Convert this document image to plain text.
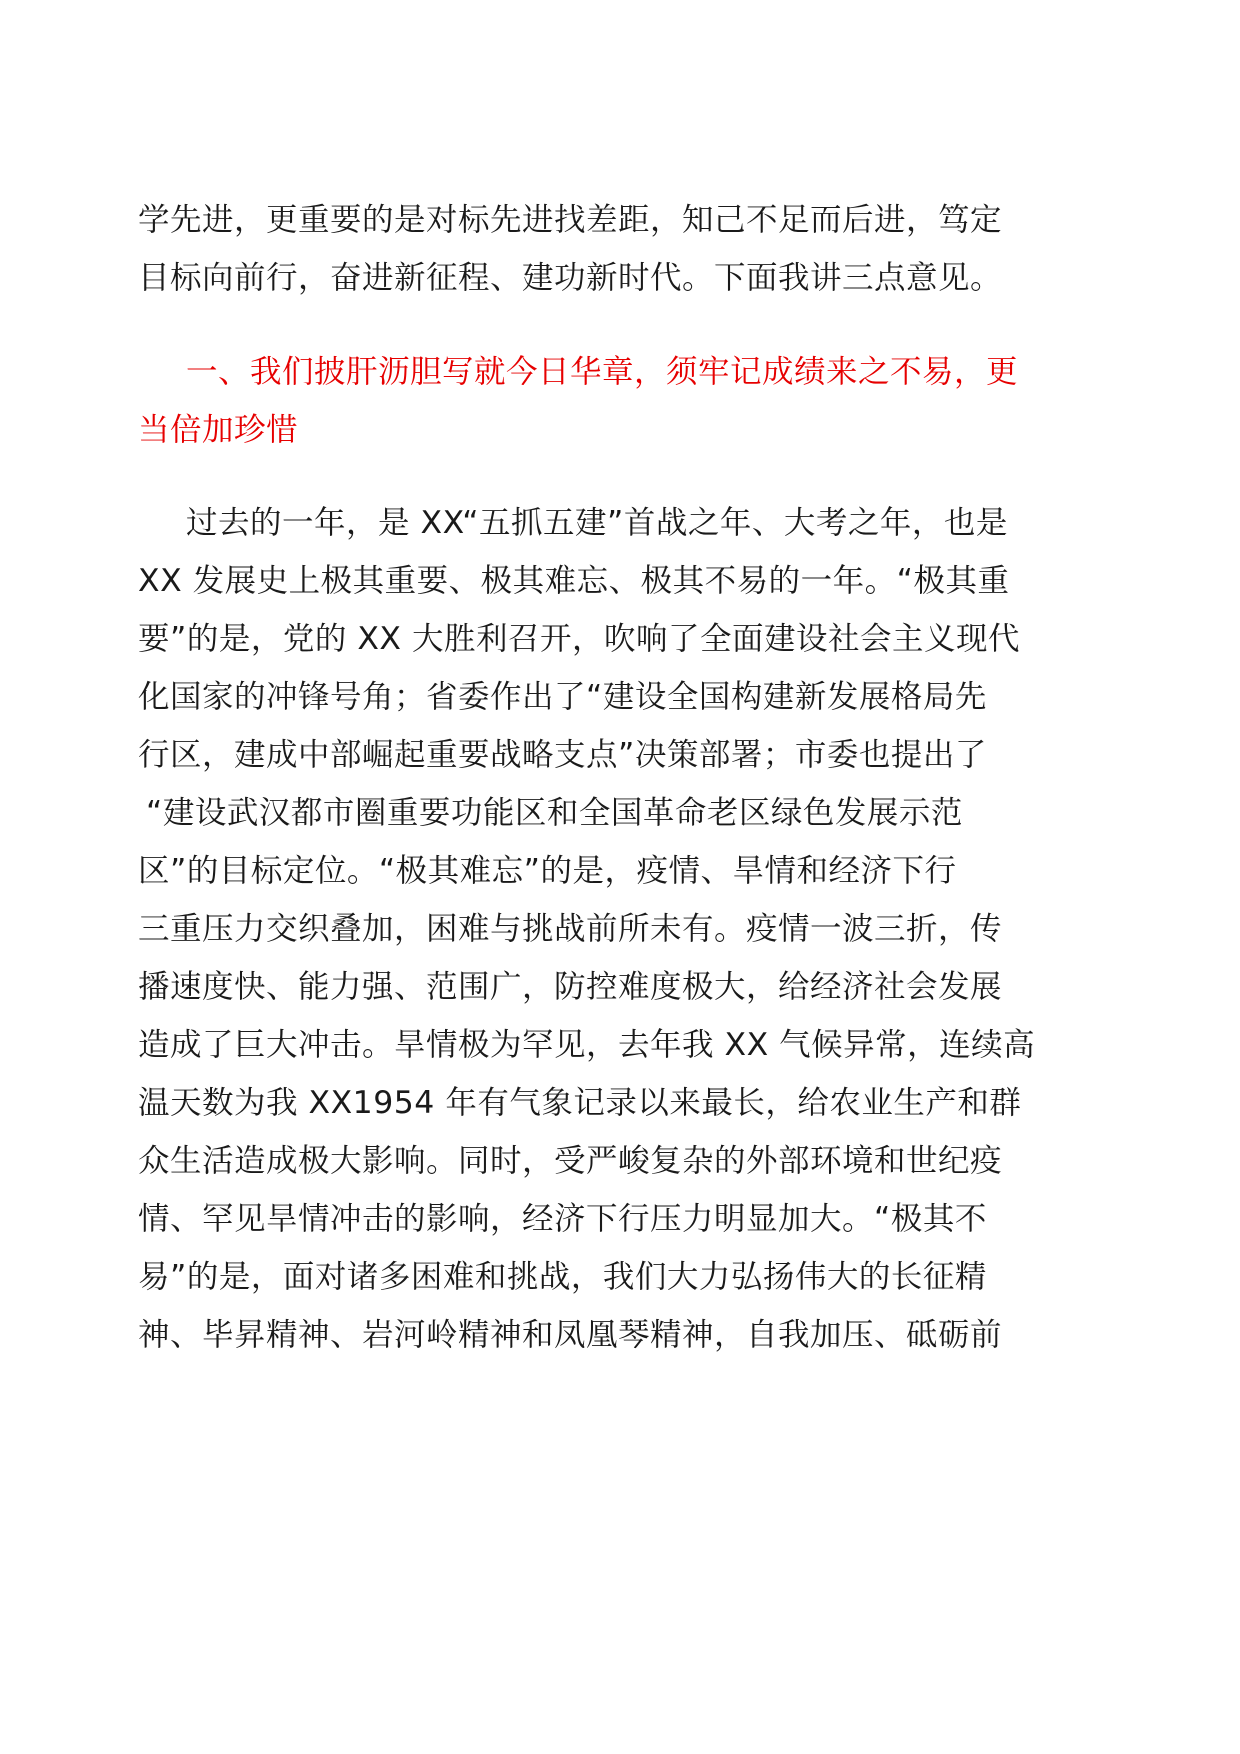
学先进，更重要的是对标先进找差距，知己不足而后进，笃定

目标向前行，奋进新征程、建功新时代。下面我讲三点意见。

一、我们披肝沥胆写就今日华章，须牢记成绩来之不易，更

当倍加珍惜

过去的一年，是 XX“五抓五建”首战之年、大考之年，也是

XX 发展史上极其重要、极其难忘、极其不易的一年。“极其重

要”的是，党的 XX 大胜利召开，吹响了全面建设社会主义现代

化国家的冲锋号角；省委作出了“建设全国构建新发展格局先

行区，建成中部崛起重要战略支点”决策部署；市委也提出了

“建设武汉都市圈重要功能区和全国革命老区绿色发展示范

区”的目标定位。“极其难忘”的是，疫情、旱情和经济下行

三重压力交织叠加，困难与挑战前所未有。疫情一波三折，传

播速度快、能力强、范围广，防控难度极大，给经济社会发展

造成了巨大冲击。旱情极为罕见，去年我 XX 气候异常，连续高

温天数为我 XX1954 年有气象记录以来最长，给农业生产和群

众生活造成极大影响。同时，受严峻复杂的外部环境和世纪疫

情、罕见旱情冲击的影响，经济下行压力明显加大。“极其不

易”的是，面对诸多困难和挑战，我们大力弘扬伟大的长征精

神、毕昇精神、岩河岭精神和凤凰琴精神，自我加压、砥砺前
